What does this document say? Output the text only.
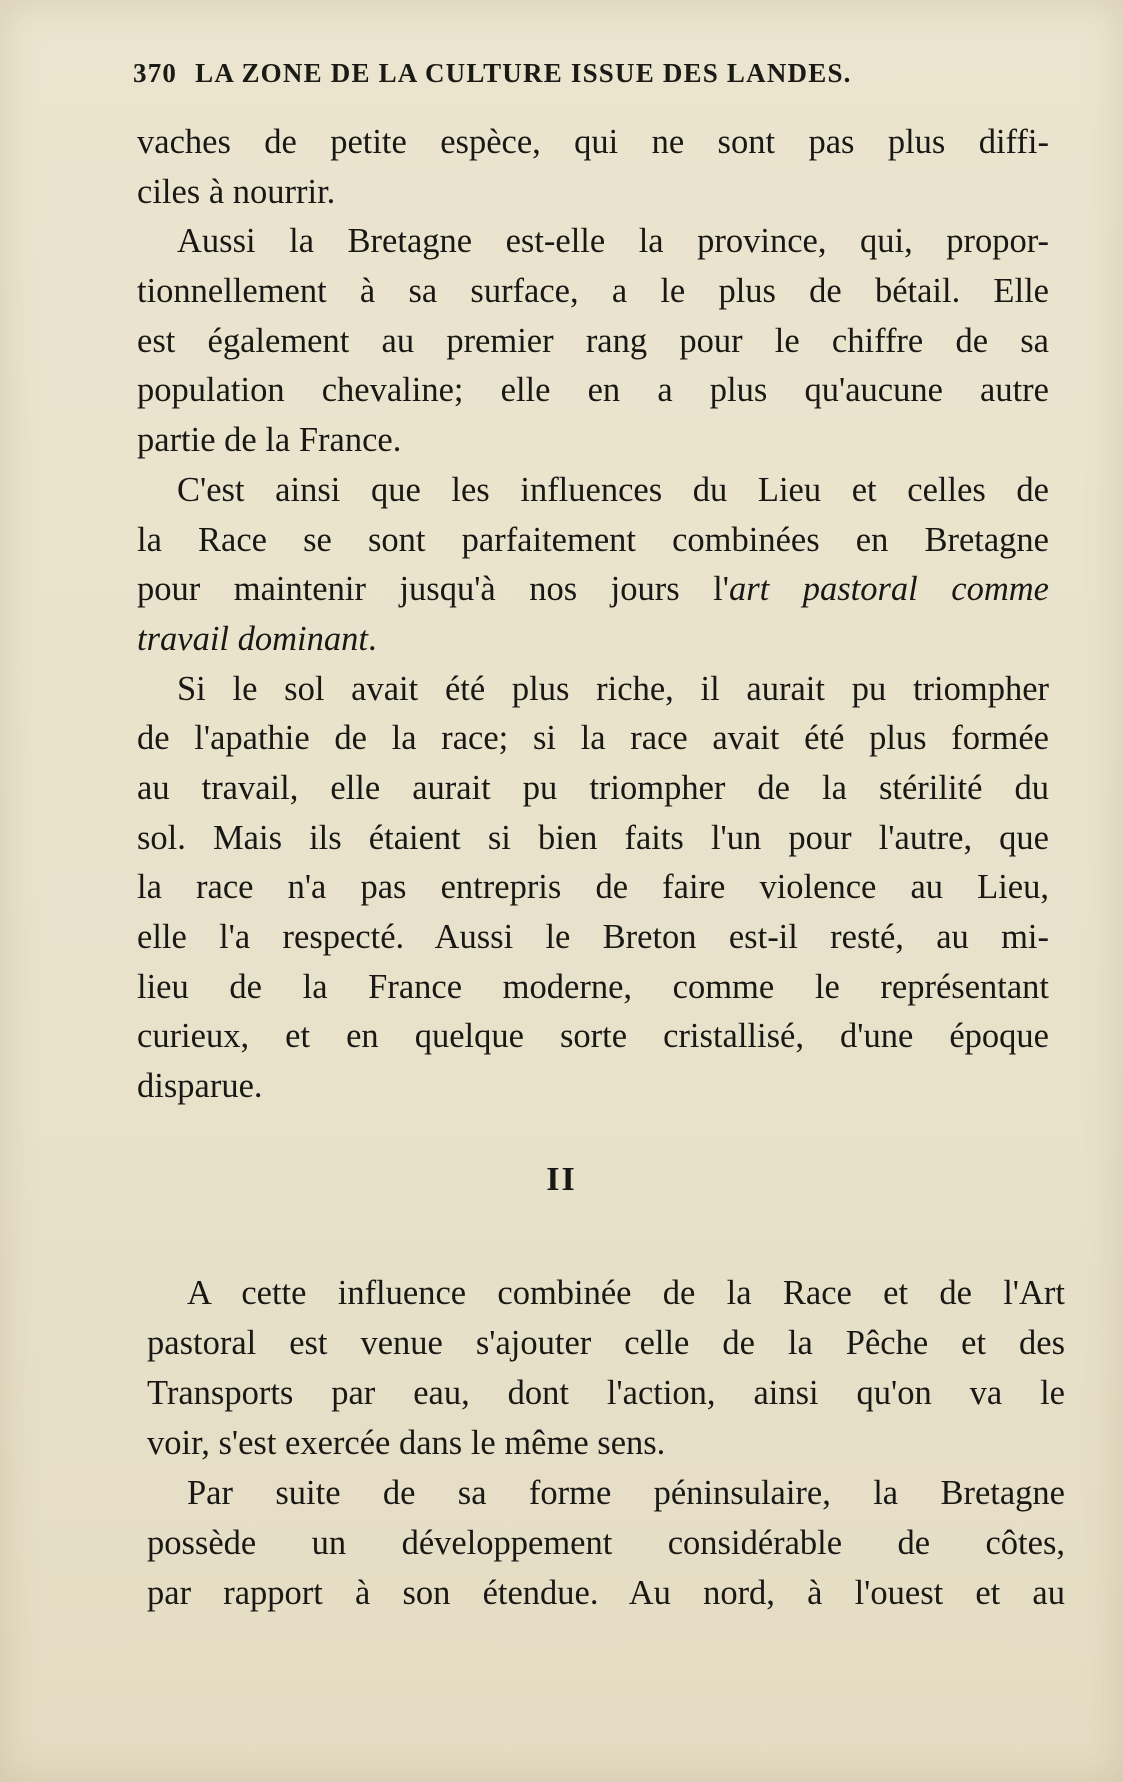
370 LA ZONE DE LA CULTURE ISSUE DES LANDES.
vaches de petite espèce, qui ne sont pas plus diffi-
ciles à nourrir.
Aussi la Bretagne est-elle la province, qui, propor-
tionnellement à sa surface, a le plus de bétail. Elle
est également au premier rang pour le chiffre de sa
population chevaline; elle en a plus qu'aucune autre
partie de la France.
C'est ainsi que les influences du Lieu et celles de
la Race se sont parfaitement combinées en Bretagne
pour maintenir jusqu'à nos jours l'art pastoral comme
travail dominant.
Si le sol avait été plus riche, il aurait pu triompher
de l'apathie de la race; si la race avait été plus formée
au travail, elle aurait pu triompher de la stérilité du
sol. Mais ils étaient si bien faits l'un pour l'autre, que
la race n'a pas entrepris de faire violence au Lieu,
elle l'a respecté. Aussi le Breton est-il resté, au mi-
lieu de la France moderne, comme le représentant
curieux, et en quelque sorte cristallisé, d'une époque
disparue.
II
A cette influence combinée de la Race et de l'Art
pastoral est venue s'ajouter celle de la Pêche et des
Transports par eau, dont l'action, ainsi qu'on va le
voir, s'est exercée dans le même sens.
Par suite de sa forme péninsulaire, la Bretagne
possède un développement considérable de côtes,
par rapport à son étendue. Au nord, à l'ouest et au
